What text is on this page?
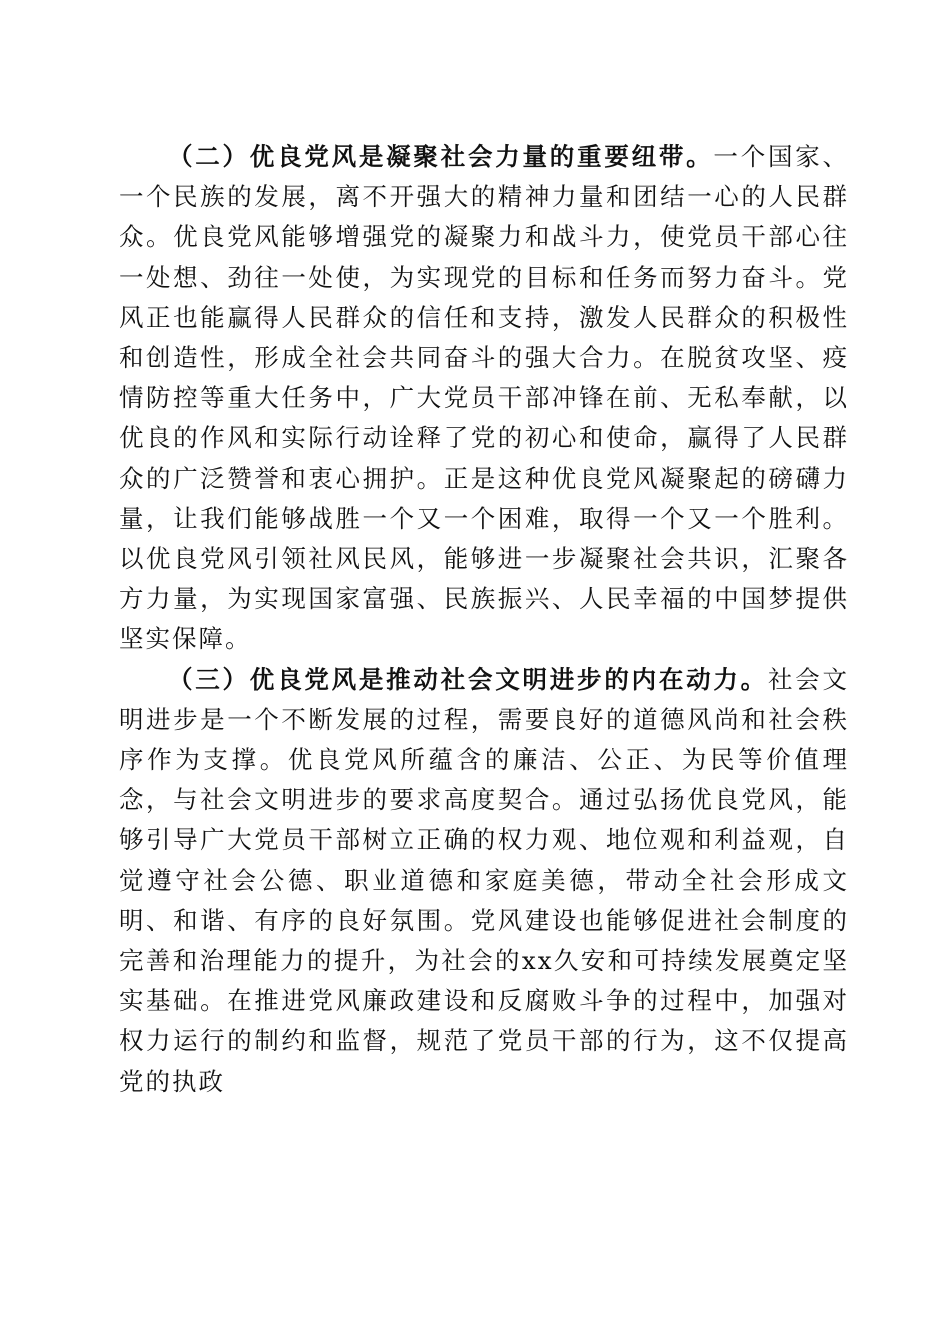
（二）优良党风是凝聚社会力量的重要纽带。一个国家、一个民族的发展，离不开强大的精神力量和团结一心的人民群众。优良党风能够增强党的凝聚力和战斗力，使党员干部心往一处想、劲往一处使，为实现党的目标和任务而努力奋斗。党风正也能赢得人民群众的信任和支持，激发人民群众的积极性和创造性，形成全社会共同奋斗的强大合力。在脱贫攻坚、疫情防控等重大任务中，广大党员干部冲锋在前、无私奉献，以优良的作风和实际行动诠释了党的初心和使命，赢得了人民群众的广泛赞誉和衷心拥护。正是这种优良党风凝聚起的磅礴力量，让我们能够战胜一个又一个困难，取得一个又一个胜利。以优良党风引领社风民风，能够进一步凝聚社会共识，汇聚各方力量，为实现国家富强、民族振兴、人民幸福的中国梦提供坚实保障。

（三）优良党风是推动社会文明进步的内在动力。社会文明进步是一个不断发展的过程，需要良好的道德风尚和社会秩序作为支撑。优良党风所蕴含的廉洁、公正、为民等价值理念，与社会文明进步的要求高度契合。通过弘扬优良党风，能够引导广大党员干部树立正确的权力观、地位观和利益观，自觉遵守社会公德、职业道德和家庭美德，带动全社会形成文明、和谐、有序的良好氛围。党风建设也能够促进社会制度的完善和治理能力的提升，为社会的xx久安和可持续发展奠定坚实基础。在推进党风廉政建设和反腐败斗争的过程中，加强对权力运行的制约和监督，规范了党员干部的行为，这不仅提高党的执政
